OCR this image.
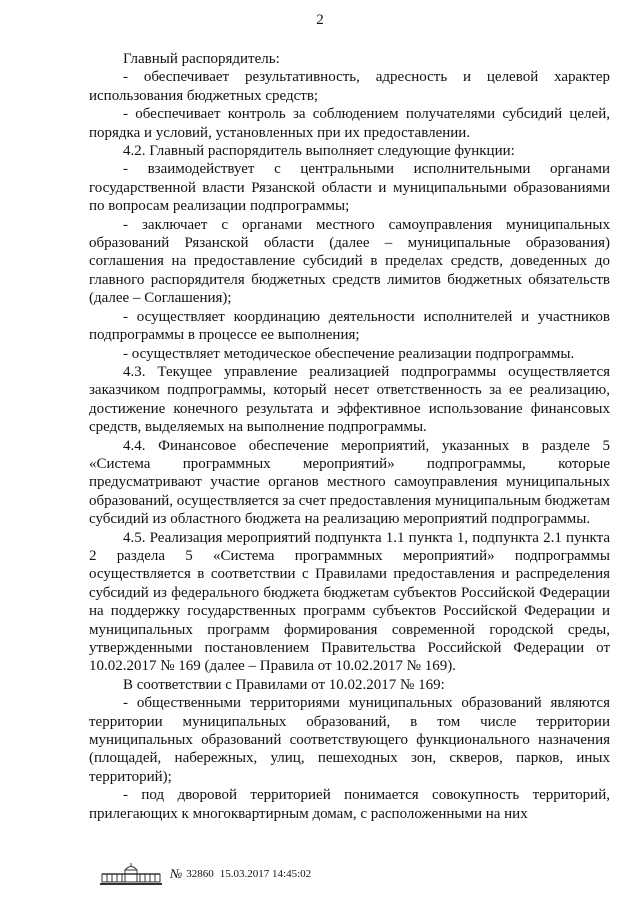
2

Главный распорядитель:

- обеспечивает результативность, адресность и целевой характер использования бюджетных средств;

- обеспечивает контроль за соблюдением получателями субсидий целей, порядка и условий, установленных при их предоставлении.

4.2. Главный распорядитель выполняет следующие функции:

- взаимодействует с центральными исполнительными органами государственной власти Рязанской области и муниципальными образованиями по вопросам реализации подпрограммы;

- заключает с органами местного самоуправления муниципальных образований Рязанской области (далее – муниципальные образования) соглашения на предоставление субсидий в пределах средств, доведенных до главного распорядителя бюджетных средств лимитов бюджетных обязательств (далее – Соглашения);

- осуществляет координацию деятельности исполнителей и участников подпрограммы в процессе ее выполнения;

- осуществляет методическое обеспечение реализации подпрограммы.

4.3. Текущее управление реализацией подпрограммы осуществляется заказчиком подпрограммы, который несет ответственность за ее реализацию, достижение конечного результата и эффективное использование финансовых средств, выделяемых на выполнение подпрограммы.

4.4. Финансовое обеспечение мероприятий, указанных в разделе 5 «Система программных мероприятий» подпрограммы, которые предусматривают участие органов местного самоуправления муниципальных образований, осуществляется за счет предоставления муниципальным бюджетам субсидий из областного бюджета на реализацию мероприятий подпрограммы.

4.5. Реализация мероприятий подпункта 1.1 пункта 1, подпункта 2.1 пункта 2 раздела 5 «Система программных мероприятий» подпрограммы осуществляется в соответствии с Правилами предоставления и распределения субсидий из федерального бюджета бюджетам субъектов Российской Федерации на поддержку государственных программ субъектов Российской Федерации и муниципальных программ формирования современной городской среды, утвержденными постановлением Правительства Российской Федерации от 10.02.2017 № 169 (далее – Правила от 10.02.2017 № 169).

В соответствии с Правилами от 10.02.2017 № 169:

- общественными территориями муниципальных образований являются территории муниципальных образований, в том числе территории муниципальных образований соответствующего функционального назначения (площадей, набережных, улиц, пешеходных зон, скверов, парков, иных территорий);

- под дворовой территорией понимается совокупность территорий, прилегающих к многоквартирным домам, с расположенными на них

№ 32860 15.03.2017 14:45:02
